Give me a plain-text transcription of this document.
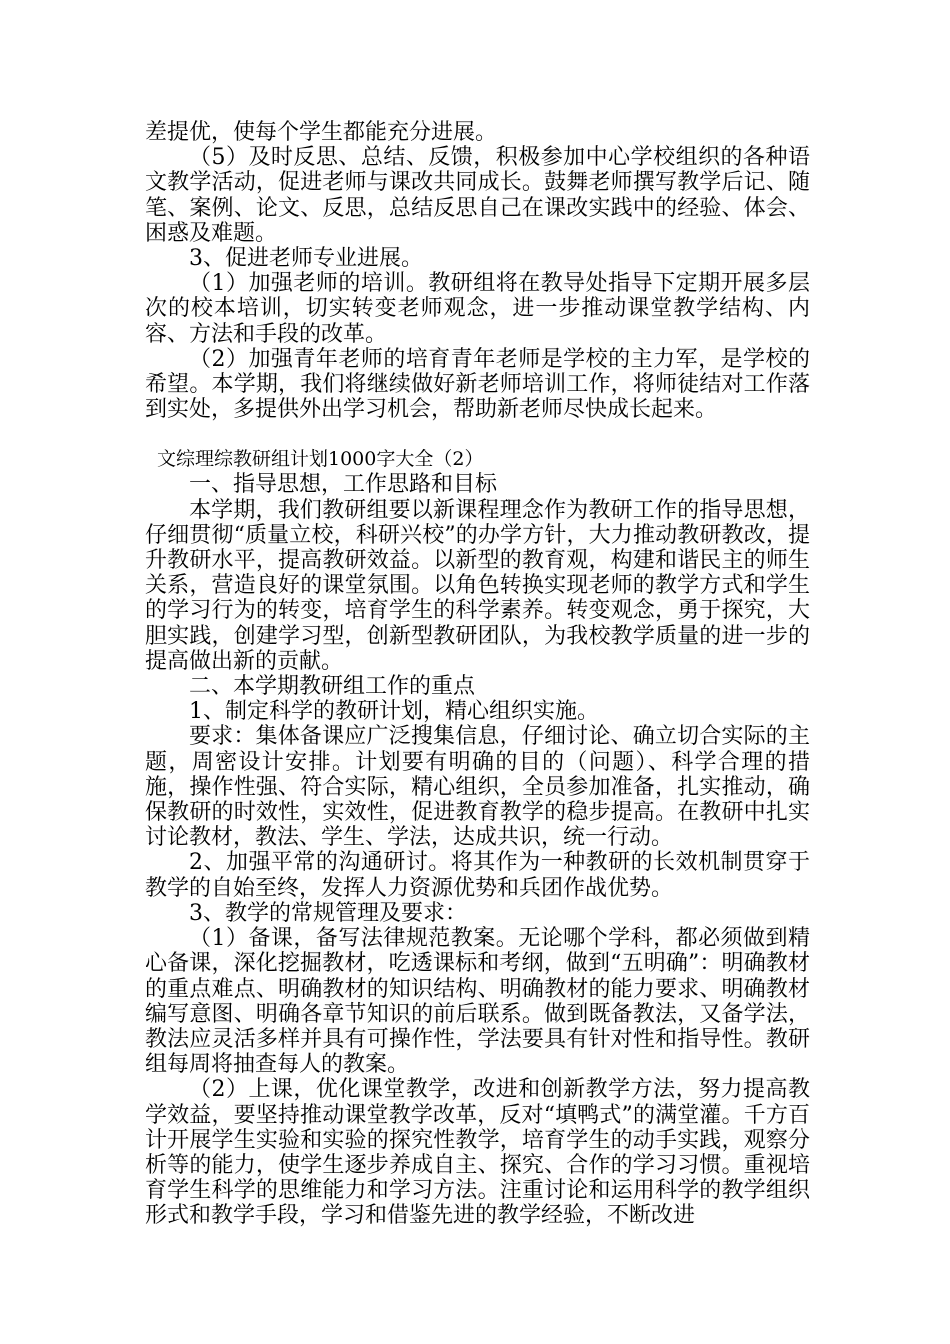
差提优，使每个学生都能充分进展。

（5）及时反思、总结、反馈，积极参加中心学校组织的各种语文教学活动，促进老师与课改共同成长。鼓舞老师撰写教学后记、随笔、案例、论文、反思，总结反思自己在课改实践中的经验、体会、困惑及难题。

3、促进老师专业进展。

（1）加强老师的培训。教研组将在教导处指导下定期开展多层次的校本培训，切实转变老师观念，进一步推动课堂教学结构、内容、方法和手段的改革。

（2）加强青年老师的培育青年老师是学校的主力军，是学校的希望。本学期，我们将继续做好新老师培训工作，将师徒结对工作落到实处，多提供外出学习机会，帮助新老师尽快成长起来。

文综理综教研组计划1000字大全（2）

一、指导思想，工作思路和目标

本学期，我们教研组要以新课程理念作为教研工作的指导思想，仔细贯彻“质量立校，科研兴校”的办学方针，大力推动教研教改，提升教研水平，提高教研效益。以新型的教育观，构建和谐民主的师生关系，营造良好的课堂氛围。以角色转换实现老师的教学方式和学生的学习行为的转变，培育学生的科学素养。转变观念，勇于探究，大胆实践，创建学习型，创新型教研团队，为我校教学质量的进一步的提高做出新的贡献。

二、本学期教研组工作的重点

1、制定科学的教研计划，精心组织实施。

要求：集体备课应广泛搜集信息，仔细讨论、确立切合实际的主题，周密设计安排。计划要有明确的目的（问题）、科学合理的措施，操作性强、符合实际，精心组织，全员参加准备，扎实推动，确保教研的时效性，实效性，促进教育教学的稳步提高。在教研中扎实讨论教材，教法、学生、学法，达成共识，统一行动。

2、加强平常的沟通研讨。将其作为一种教研的长效机制贯穿于教学的自始至终，发挥人力资源优势和兵团作战优势。

3、教学的常规管理及要求：

（1）备课，备写法律规范教案。无论哪个学科，都必须做到精心备课，深化挖掘教材，吃透课标和考纲，做到“五明确”：明确教材的重点难点、明确教材的知识结构、明确教材的能力要求、明确教材编写意图、明确各章节知识的前后联系。做到既备教法，又备学法，教法应灵活多样并具有可操作性，学法要具有针对性和指导性。教研组每周将抽查每人的教案。

（2）上课，优化课堂教学，改进和创新教学方法，努力提高教学效益，要坚持推动课堂教学改革，反对“填鸭式”的满堂灌。千方百计开展学生实验和实验的探究性教学，培育学生的动手实践，观察分析等的能力，使学生逐步养成自主、探究、合作的学习习惯。重视培育学生科学的思维能力和学习方法。注重讨论和运用科学的教学组织形式和教学手段，学习和借鉴先进的教学经验，不断改进
